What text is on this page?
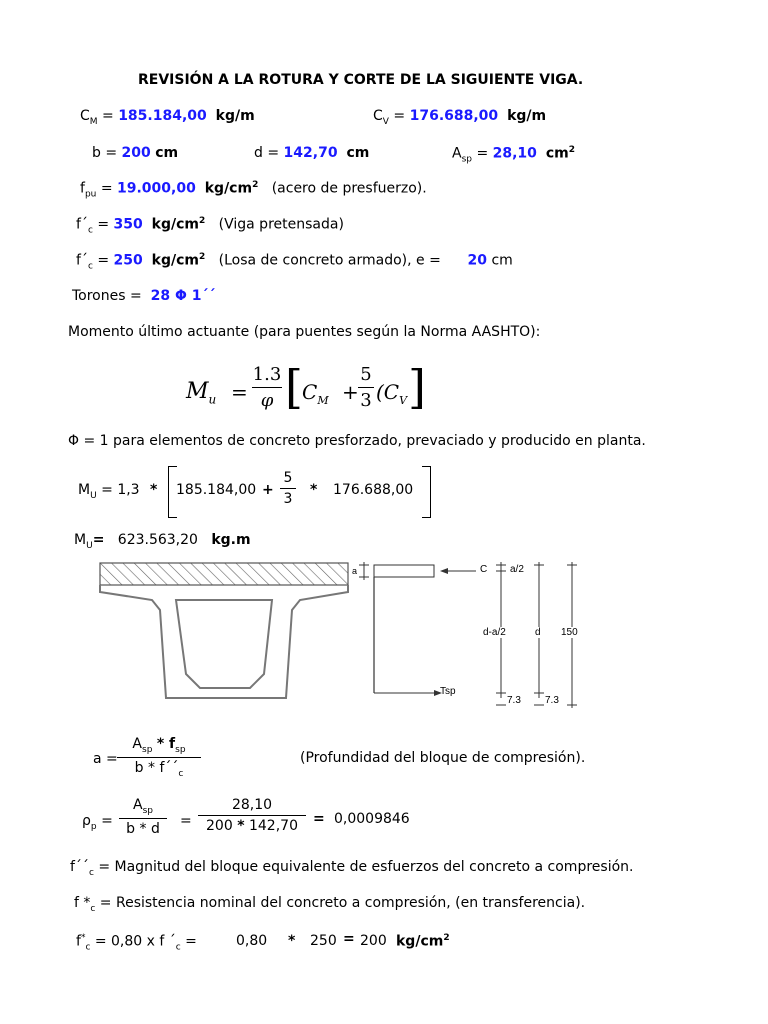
REVISIÓN A LA ROTURA Y CORTE DE LA SIGUIENTE VIGA.
$C_M = 185.184,00$ kg/m	$C_V = 176.688,00$ kg/m
b = 200 cm	d = 142,70 cm	$A_{sp} = 28,10$ $cm^2$
$f_{pu} = 19.000,00$ $kg/cm^2$ (acero de presfuerzo).
$f´_c = 350$ $kg/cm^2$ (Viga pretensada)
$f´_c = 250$ $kg/cm^2$ (Losa de concreto armado), e = 20 cm
Torones = 28 Φ 1´´
Momento último actuante (para puentes según la Norma AASHTO):
$M_u$ =
1.3
φ [ $C_M$ +
5
3 ($C_V$ ]
Φ = 1 para elementos de concreto presforzado, prevaciado y producido en planta.
$M_U = 1,3 * 185.184,00$ +
5
3
* 176.688,00
$M_U= 623.563,20$ kg.m
a	C a/2
d-a/2	d 150
Tsp
7.3 7.3
a =
$A_{sp} * f_{sp}$
b * $f´´_c$
(Profundidad del bloque de compresión).
$\rho_p$ =
$A_{sp}$
b * d	=
28,10
200 * 142,70	= 0,0009846
$f´´_c$ = Magnitud del bloque equivalente de esfuerzos del concreto a compresión.
f $*_c$ = Resistencia nominal del concreto a compresión, (en transferencia).
$f^*_c = 0,80$ x f $´_c$ =	0,80 * 250 = 200 $kg/cm^2$
